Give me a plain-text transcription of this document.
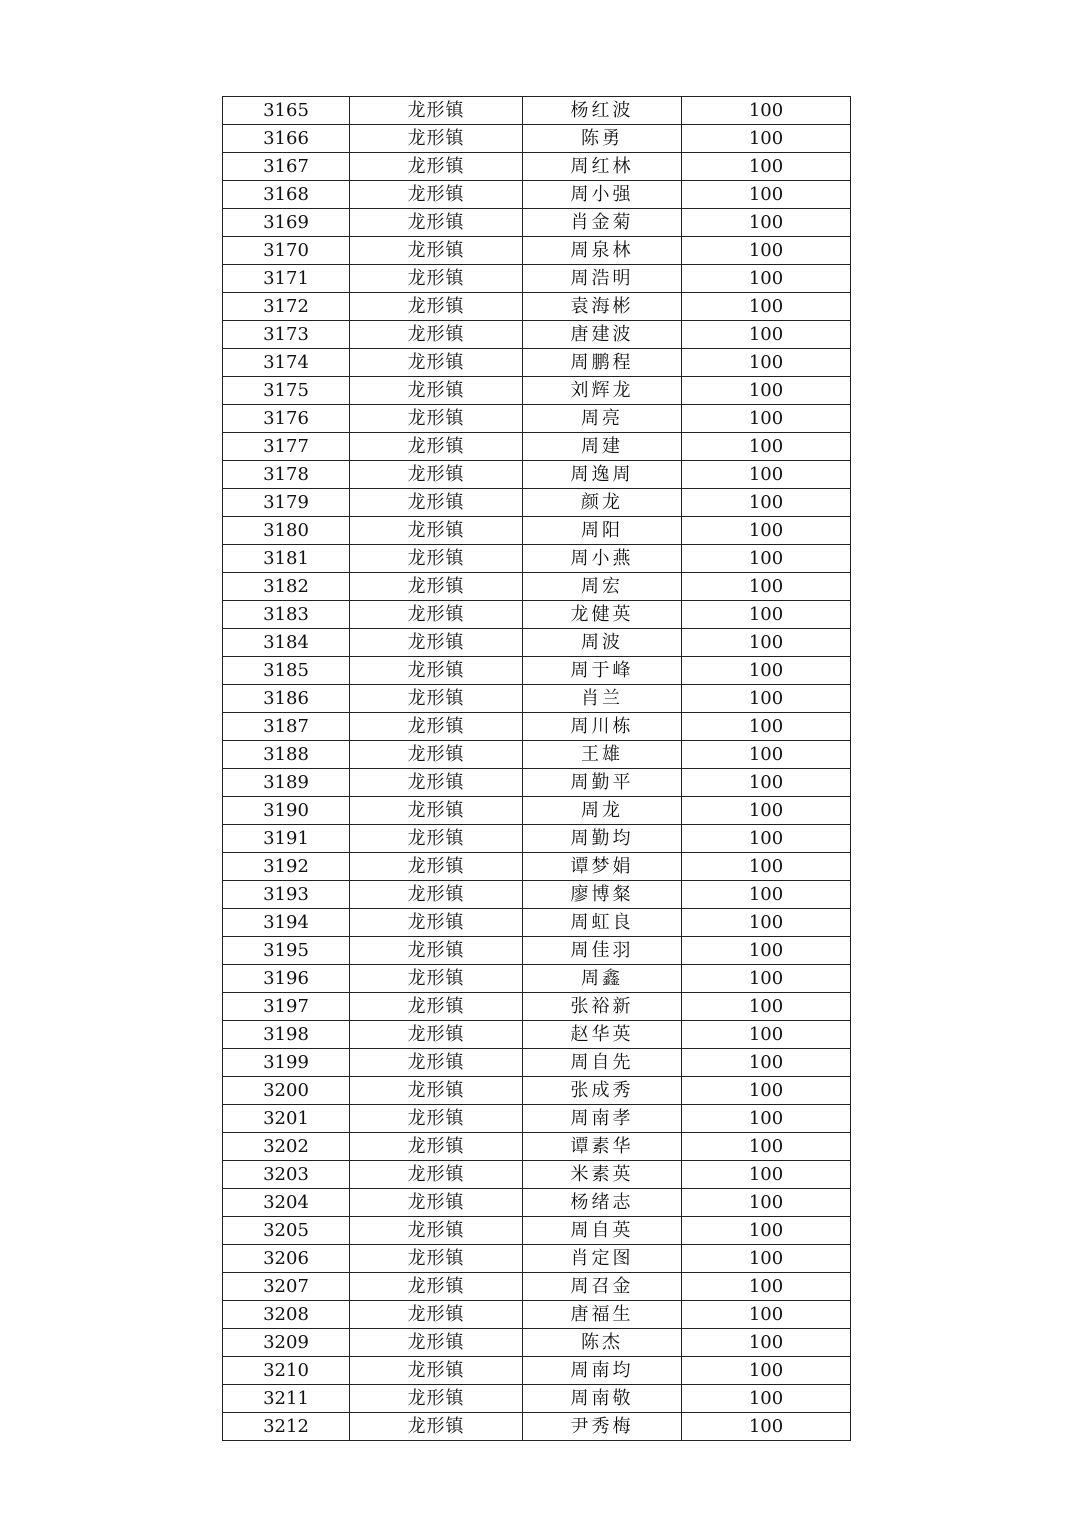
3165	龙形镇	杨红波	100
3166	龙形镇	陈勇	100
3167	龙形镇	周红林	100
3168	龙形镇	周小强	100
3169	龙形镇	肖金菊	100
3170	龙形镇	周泉林	100
3171	龙形镇	周浩明	100
3172	龙形镇	袁海彬	100
3173	龙形镇	唐建波	100
3174	龙形镇	周鹏程	100
3175	龙形镇	刘辉龙	100
3176	龙形镇	周亮	100
3177	龙形镇	周建	100
3178	龙形镇	周逸周	100
3179	龙形镇	颜龙	100
3180	龙形镇	周阳	100
3181	龙形镇	周小燕	100
3182	龙形镇	周宏	100
3183	龙形镇	龙健英	100
3184	龙形镇	周波	100
3185	龙形镇	周于峰	100
3186	龙形镇	肖兰	100
3187	龙形镇	周川栋	100
3188	龙形镇	王雄	100
3189	龙形镇	周勤平	100
3190	龙形镇	周龙	100
3191	龙形镇	周勤均	100
3192	龙形镇	谭梦娟	100
3193	龙形镇	廖博粲	100
3194	龙形镇	周虹良	100
3195	龙形镇	周佳羽	100
3196	龙形镇	周鑫	100
3197	龙形镇	张裕新	100
3198	龙形镇	赵华英	100
3199	龙形镇	周自先	100
3200	龙形镇	张成秀	100
3201	龙形镇	周南孝	100
3202	龙形镇	谭素华	100
3203	龙形镇	米素英	100
3204	龙形镇	杨绪志	100
3205	龙形镇	周自英	100
3206	龙形镇	肖定图	100
3207	龙形镇	周召金	100
3208	龙形镇	唐福生	100
3209	龙形镇	陈杰	100
3210	龙形镇	周南均	100
3211	龙形镇	周南敬	100
3212	龙形镇	尹秀梅	100
